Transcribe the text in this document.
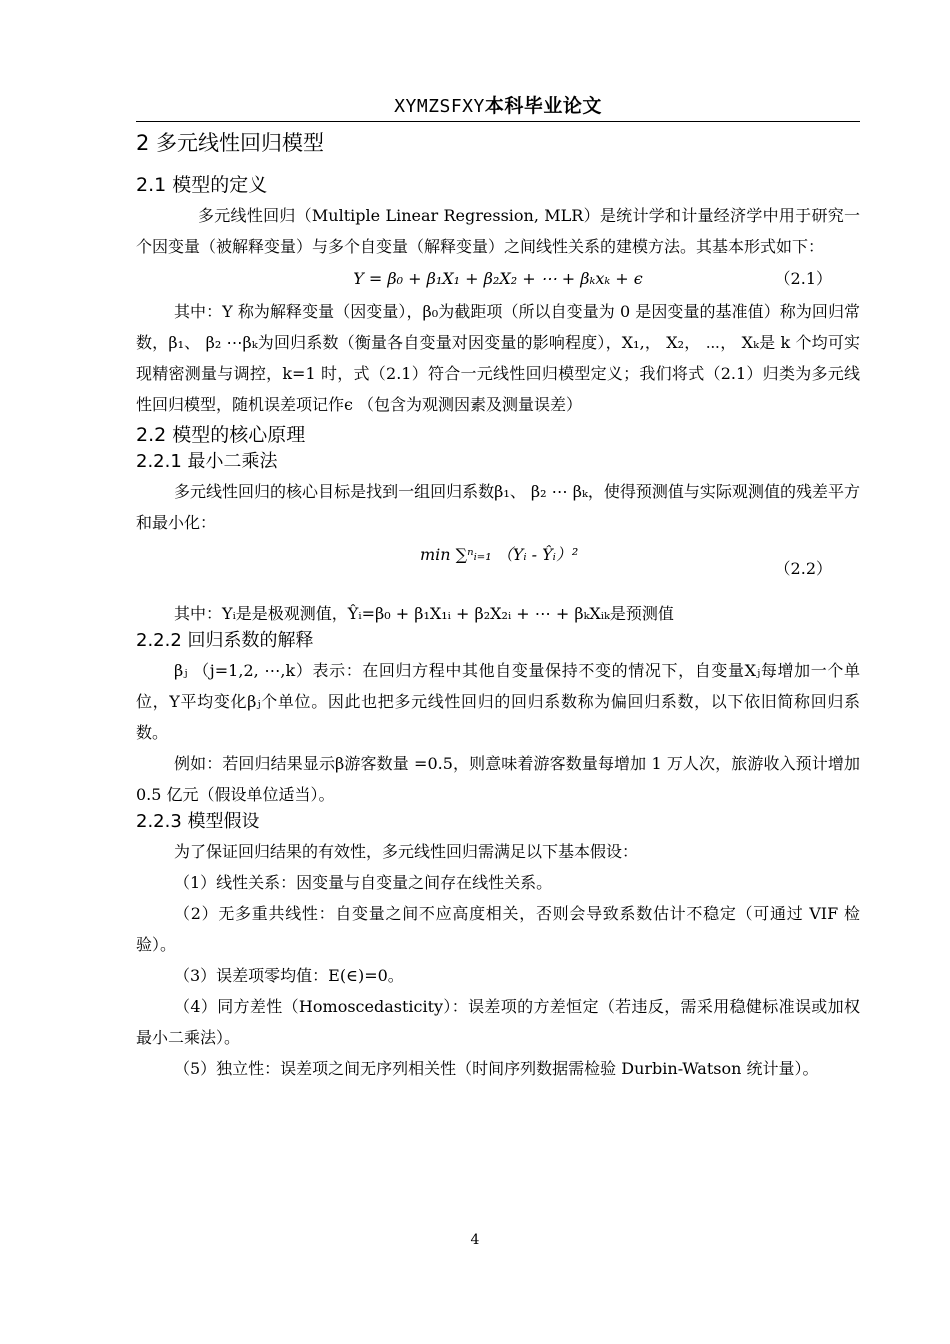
XYMZSFXY本科毕业论文
2 多元线性回归模型
2.1 模型的定义

多元线性回归（Multiple Linear Regression, MLR）是统计学和计量经济学中用于研究一个因变量（被解释变量）与多个自变量（解释变量）之间线性关系的建模方法。其基本形式如下：

Y = β₀ + β₁X₁ + β₂X₂ + ⋯ + βₖxₖ + ϵ	（2.1）

其中：Y 称为解释变量（因变量），β₀为截距项（所以自变量为 0 是因变量的基准值）称为回归常数，β₁、 β₂ ⋯βₖ为回归系数（衡量各自变量对因变量的影响程度），X₁,， X₂， ⋯， Xₖ是 k 个均可实现精密测量与调控，k=1 时，式（2.1）符合一元线性回归模型定义；我们将式（2.1）归类为多元线性回归模型，随机误差项记作ϵ （包含为观测因素及测量误差）

2.2 模型的核心原理
2.2.1 最小二乘法

多元线性回归的核心目标是找到一组回归系数β₁、 β₂ ⋯ βₖ，使得预测值与实际观测值的残差平方和最小化：

min ∑ⁿᵢ₌₁ （Yᵢ - Ŷᵢ）²
（2.2）

其中：Yᵢ是是极观测值，Ŷᵢ=β₀ + β₁X₁ᵢ + β₂X₂ᵢ + ⋯ + βₖXᵢₖ是预测值

2.2.2 回归系数的解释

βⱼ （j=1,2, ⋯,k）表示：在回归方程中其他自变量保持不变的情况下，自变量Xⱼ每增加一个单位，Y平均变化βⱼ个单位。因此也把多元线性回归的回归系数称为偏回归系数，以下依旧简称回归系数。

例如：若回归结果显示β游客数量 =0.5，则意味着游客数量每增加 1 万人次，旅游收入预计增加 0.5 亿元（假设单位适当）。

2.2.3 模型假设

为了保证回归结果的有效性，多元线性回归需满足以下基本假设：

（1）线性关系：因变量与自变量之间存在线性关系。

（2）无多重共线性：自变量之间不应高度相关，否则会导致系数估计不稳定（可通过 VIF 检验）。

（3）误差项零均值：E(∈)=0。

（4）同方差性（Homoscedasticity）：误差项的方差恒定（若违反，需采用稳健标准误或加权最小二乘法）。

（5）独立性：误差项之间无序列相关性（时间序列数据需检验 Durbin-Watson 统计量）。

4
